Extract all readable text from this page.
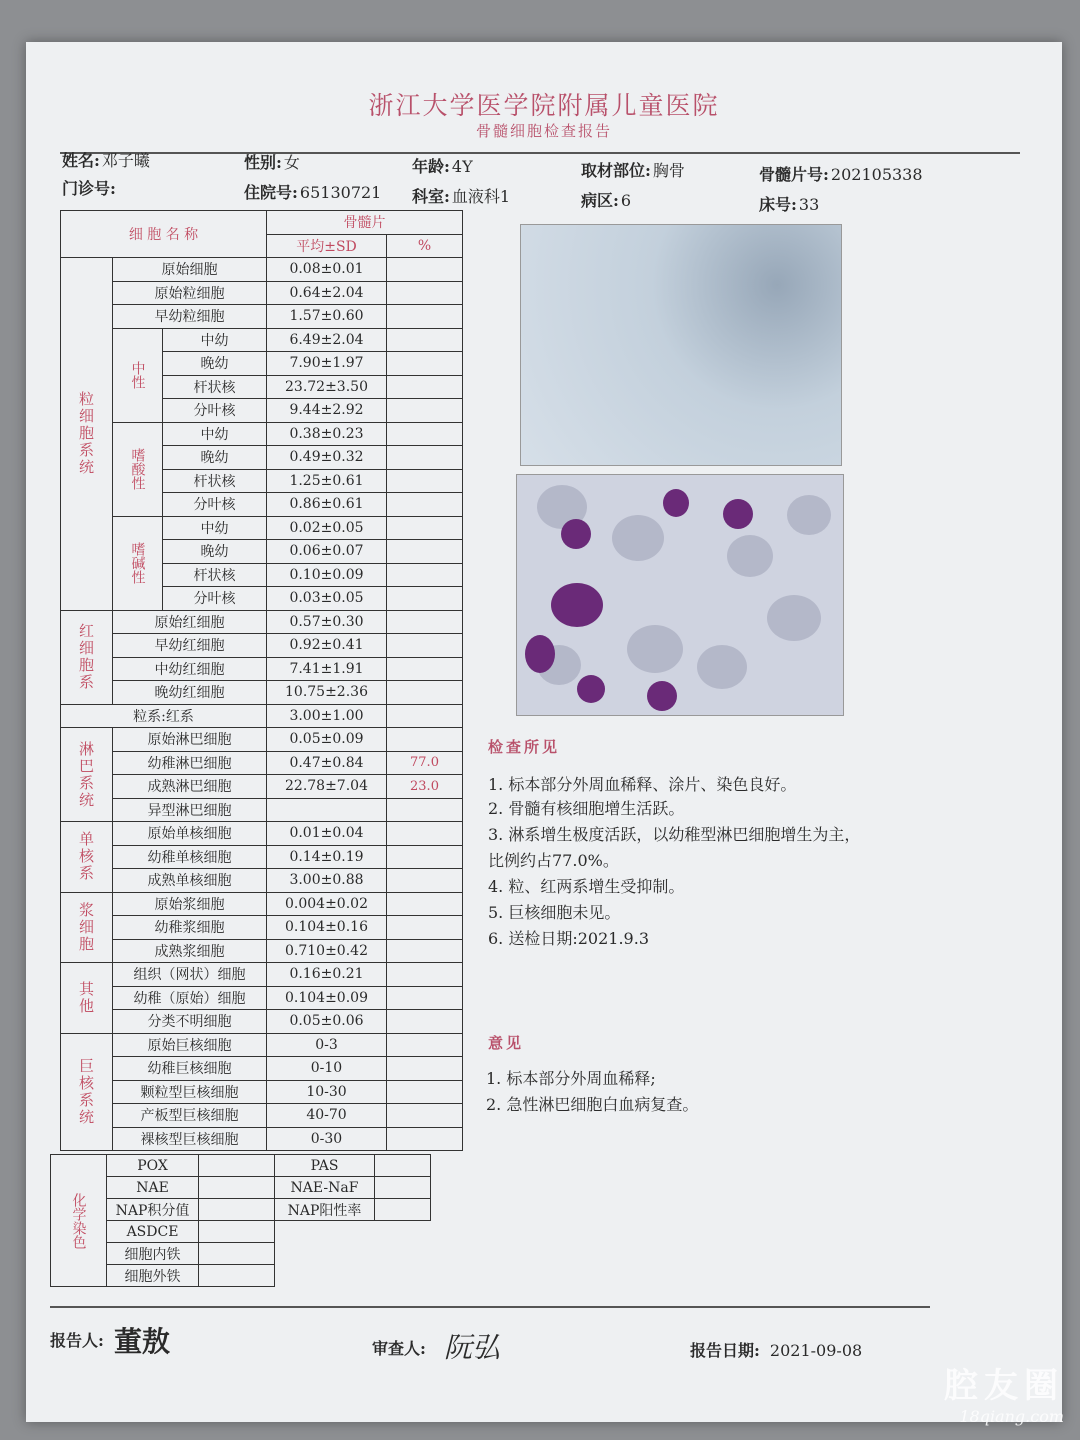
浙江大学医学院附属儿童医院
骨髓细胞检查报告
姓名: 邓子曦	性别: 女	年龄: 4Y	取材部位: 胸骨	骨髓片号: 202105338
门诊号:	住院号: 65130721 科室: 血液科1	病区: 6	床号: 33
细 胞 名 称			骨髓片	
			平均±SD	%
粒细胞系统	原始细胞		0.08±0.01	
	原始粒细胞		0.64±2.04	
	早幼粒细胞		1.57±0.60	
	中性	中幼	6.49±2.04	
		晚幼	7.90±1.97	
		杆状核	23.72±3.50	
		分叶核	9.44±2.92	
	嗜酸性	中幼	0.38±0.23	
		晚幼	0.49±0.32	
		杆状核	1.25±0.61	
		分叶核	0.86±0.61	
	嗜碱性	中幼	0.02±0.05	
		晚幼	0.06±0.07	
		杆状核	0.10±0.09	
		分叶核	0.03±0.05	
红细胞系	原始红细胞		0.57±0.30	
	早幼红细胞		0.92±0.41	
	中幼红细胞		7.41±1.91	
	晚幼红细胞		10.75±2.36	
粒系:红系			3.00±1.00	
淋巴系统	原始淋巴细胞		0.05±0.09	
	幼稚淋巴细胞		0.47±0.84	77.0
	成熟淋巴细胞		22.78±7.04	23.0
	异型淋巴细胞			
单核系	原始单核细胞		0.01±0.04	
	幼稚单核细胞		0.14±0.19	
	成熟单核细胞		3.00±0.88	
浆细胞	原始浆细胞		0.004±0.02	
	幼稚浆细胞		0.104±0.16	
	成熟浆细胞		0.710±0.42	
其他	组织（网状）细胞		0.16±0.21	
	幼稚（原始）细胞		0.104±0.09	
	分类不明细胞		0.05±0.06	
巨核系统	原始巨核细胞		0-3	
	幼稚巨核细胞		0-10	
	颗粒型巨核细胞		10-30	
	产板型巨核细胞		40-70	
	裸核型巨核细胞		0-30	
化学染色	POX		PAS	
	NAE		NAE-NaF	
	NAP积分值		NAP阳性率	
	ASDCE			
	细胞内铁			
	细胞外铁			
检查所见
1. 标本部分外周血稀释、涂片、染色良好。
2. 骨髓有核细胞增生活跃。
3. 淋系增生极度活跃，以幼稚型淋巴细胞增生为主，
比例约占77.0%。
4. 粒、红两系增生受抑制。
5. 巨核细胞未见。
6. 送检日期:2021.9.3
意见
1. 标本部分外周血稀释;
2. 急性淋巴细胞白血病复查。
报告人: 董敖	审查人: 阮弘	报告日期: 2021-09-08
腔友圈
18qiang.com
